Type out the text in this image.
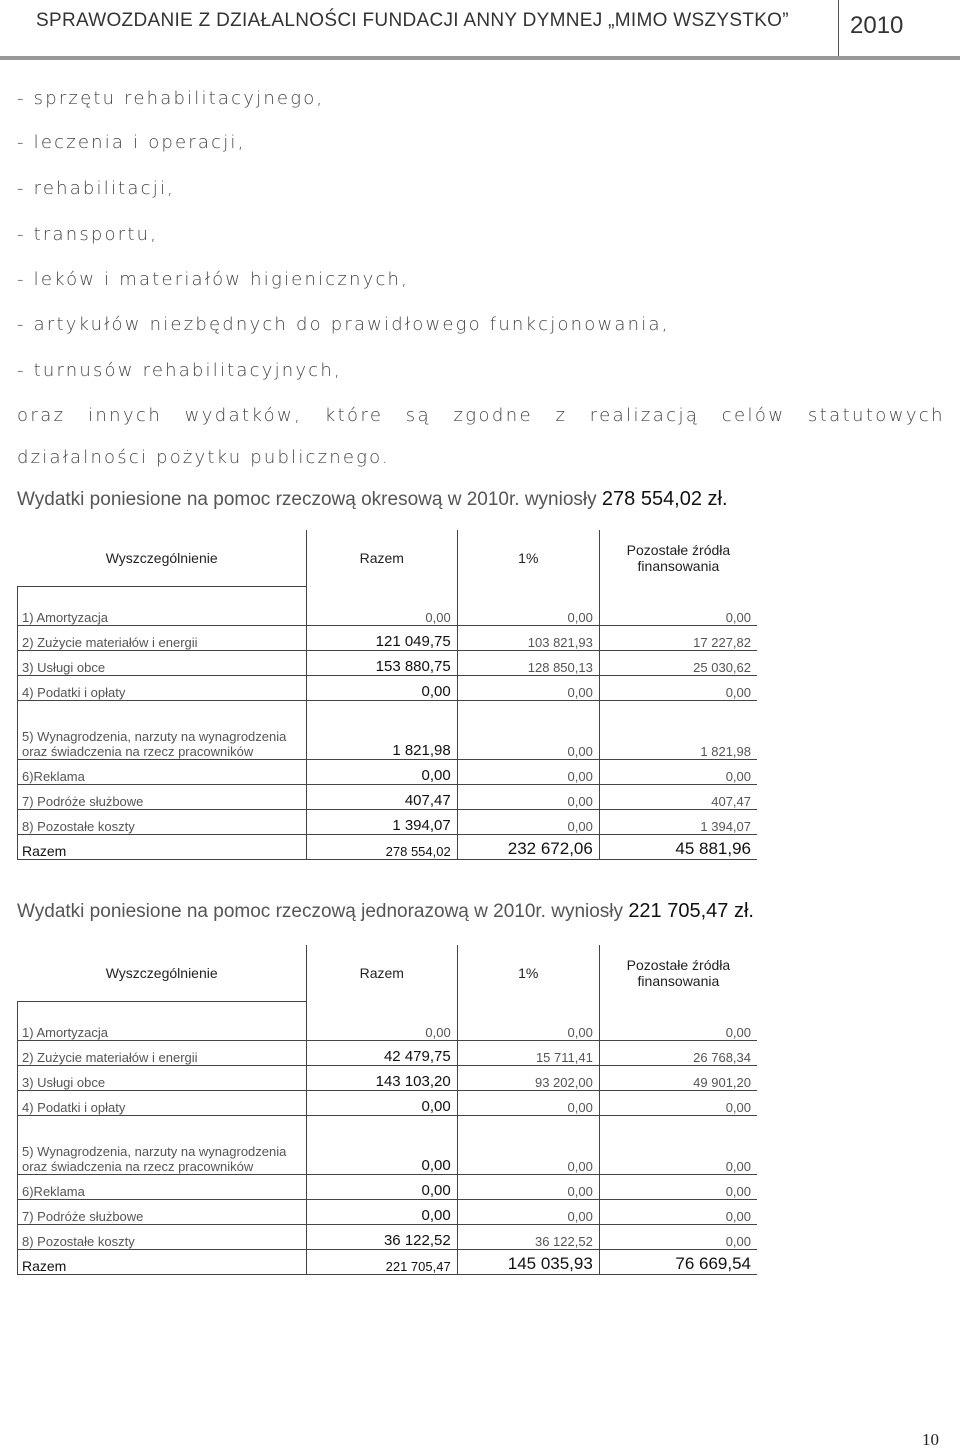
SPRAWOZDANIE Z DZIAŁALNOŚCI FUNDACJI ANNY DYMNEJ „MIMO WSZYSTKO”	2010
- sprzętu rehabilitacyjnego,
- leczenia i operacji,
- rehabilitacji,
- transportu,
- leków i materiałów higienicznych,
- artykułów niezbędnych do prawidłowego funkcjonowania,
- turnusów rehabilitacyjnych,
oraz innych wydatków, które są zgodne z realizacją celów statutowych
działalności pożytku publicznego.
Wydatki poniesione na pomoc rzeczową okresową w 2010r. wyniosły 278 554,02 zł.
Wyszczególnienie	Razem	1%	Pozostałe źródła finansowania

1) Amortyzacja	0,00	0,00	0,00
2) Zużycie materiałów i energii	121 049,75	103 821,93	17 227,82
3) Usługi obce	153 880,75	128 850,13	25 030,62
4) Podatki i opłaty	0,00	0,00	0,00

5) Wynagrodzenia, narzuty na wynagrodzenia oraz świadczenia na rzecz pracowników	1 821,98	0,00	1 821,98
6)Reklama	0,00	0,00	0,00
7) Podróże służbowe	407,47	0,00	407,47
8) Pozostałe koszty	1 394,07	0,00	1 394,07
Razem	278 554,02	232 672,06	45 881,96
Wydatki poniesione na pomoc rzeczową jednorazową w 2010r. wyniosły 221 705,47 zł.
Wyszczególnienie	Razem	1%	Pozostałe źródła finansowania

1) Amortyzacja	0,00	0,00	0,00
2) Zużycie materiałów i energii	42 479,75	15 711,41	26 768,34
3) Usługi obce	143 103,20	93 202,00	49 901,20
4) Podatki i opłaty	0,00	0,00	0,00

5) Wynagrodzenia, narzuty na wynagrodzenia oraz świadczenia na rzecz pracowników	0,00	0,00	0,00
6)Reklama	0,00	0,00	0,00
7) Podróże służbowe	0,00	0,00	0,00
8) Pozostałe koszty	36 122,52	36 122,52	0,00
Razem	221 705,47	145 035,93	76 669,54
10
